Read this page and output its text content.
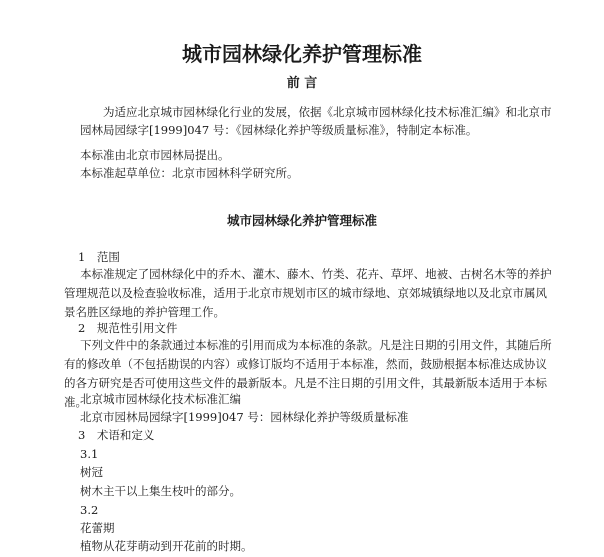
城市园林绿化养护管理标准
前 言
为适应北京城市园林绿化行业的发展，依据《北京城市园林绿化技术标准汇编》和北京市园林局园绿字[1999]047 号：《园林绿化养护等级质量标准》，特制定本标准。
本标准由北京市园林局提出。
本标准起草单位：北京市园林科学研究所。
城市园林绿化养护管理标准
1　范围
本标准规定了园林绿化中的乔木、灌木、藤木、竹类、花卉、草坪、地被、古树名木等的养护管理规范以及检查验收标准，适用于北京市规划市区的城市绿地、京郊城镇绿地以及北京市属风景名胜区绿地的养护管理工作。
2　规范性引用文件
下列文件中的条款通过本标准的引用而成为本标准的条款。凡是注日期的引用文件，其随后所有的修改单（不包括勘误的内容）或修订版均不适用于本标准，然而，鼓励根据本标准达成协议的各方研究是否可使用这些文件的最新版本。凡是不注日期的引用文件，其最新版本适用于本标准。
北京城市园林绿化技术标准汇编
北京市园林局园绿字[1999]047 号：园林绿化养护等级质量标准
3　术语和定义
3.1
树冠
树木主干以上集生枝叶的部分。
3.2
花蕾期
植物从花芽萌动到开花前的时期。
